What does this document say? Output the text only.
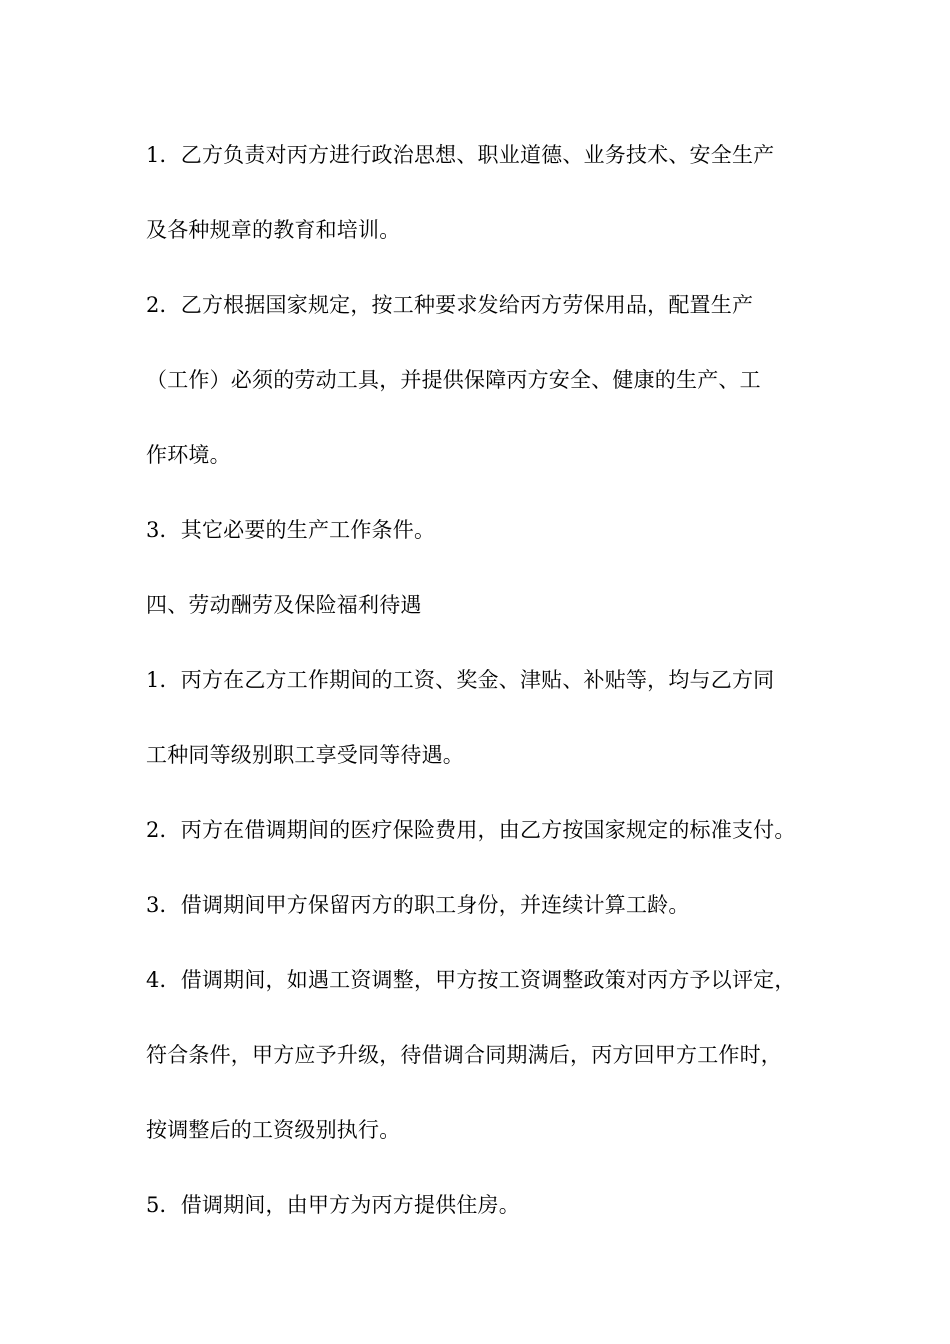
1．乙方负责对丙方进行政治思想、职业道德、业务技术、安全生产

及各种规章的教育和培训。

2．乙方根据国家规定，按工种要求发给丙方劳保用品，配置生产

（工作）必须的劳动工具，并提供保障丙方安全、健康的生产、工

作环境。

3．其它必要的生产工作条件。

四、劳动酬劳及保险福利待遇

1．丙方在乙方工作期间的工资、奖金、津贴、补贴等，均与乙方同

工种同等级别职工享受同等待遇。

2．丙方在借调期间的医疗保险费用，由乙方按国家规定的标准支付。

3．借调期间甲方保留丙方的职工身份，并连续计算工龄。

4．借调期间，如遇工资调整，甲方按工资调整政策对丙方予以评定，

符合条件，甲方应予升级，待借调合同期满后，丙方回甲方工作时，

按调整后的工资级别执行。

5．借调期间，由甲方为丙方提供住房。
